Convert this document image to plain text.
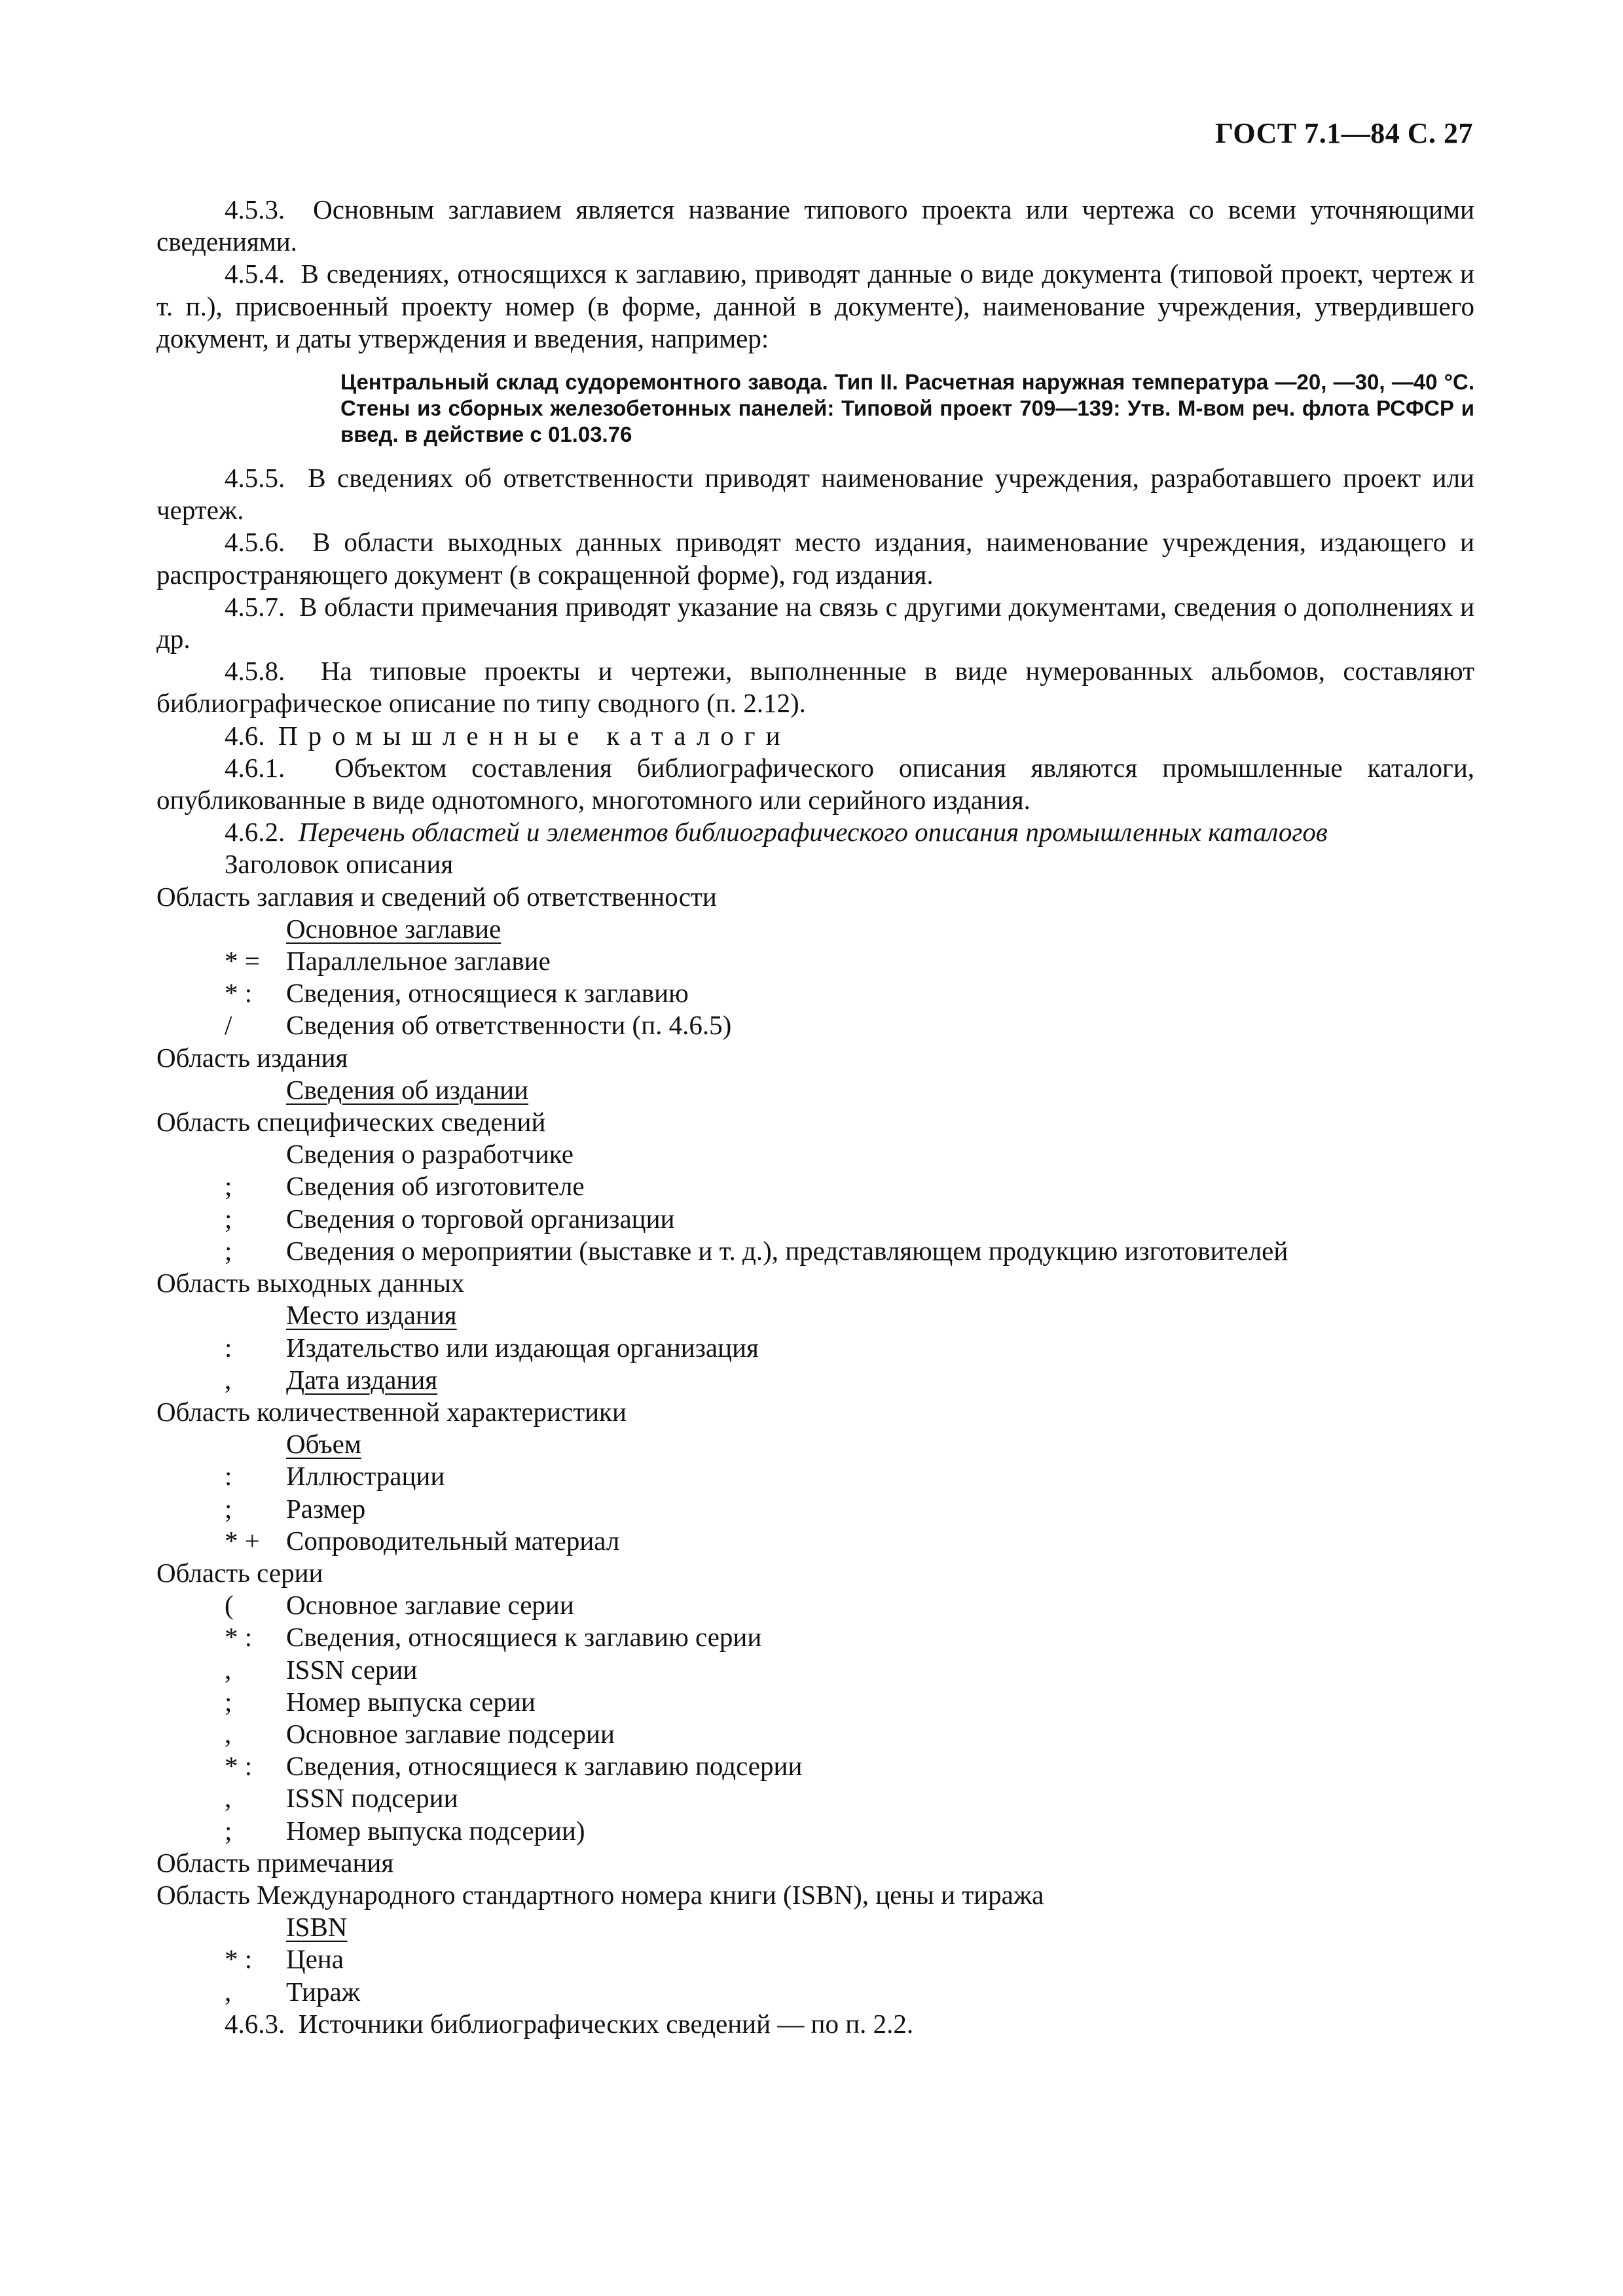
ГОСТ 7.1—84 С. 27

4.5.3. Основным заглавием является название типового проекта или чертежа со всеми уточняющими сведениями.

4.5.4. В сведениях, относящихся к заглавию, приводят данные о виде документа (типовой проект, чертеж и т. п.), присвоенный проекту номер (в форме, данной в документе), наименование учреждения, утвердившего документ, и даты утверждения и введения, например:

Центральный склад судоремонтного завода. Тип II. Расчетная наружная температура —20, —30, —40 °С. Стены из сборных железобетонных панелей: Типовой проект 709—139: Утв. М-вом реч. флота РСФСР и введ. в действие с 01.03.76

4.5.5. В сведениях об ответственности приводят наименование учреждения, разработавшего проект или чертеж.

4.5.6. В области выходных данных приводят место издания, наименование учреждения, издающего и распространяющего документ (в сокращенной форме), год издания.

4.5.7. В области примечания приводят указание на связь с другими документами, сведения о дополнениях и др.

4.5.8. На типовые проекты и чертежи, выполненные в виде нумерованных альбомов, составляют библиографическое описание по типу сводного (п. 2.12).

4.6. Промышленные каталоги

4.6.1. Объектом составления библиографического описания являются промышленные каталоги, опубликованные в виде однотомного, многотомного или серийного издания.

4.6.2. Перечень областей и элементов библиографического описания промышленных каталогов

Заголовок описания
Область заглавия и сведений об ответственности
Основное заглавие
* = Параллельное заглавие
* :	Сведения, относящиеся к заглавию
/	Сведения об ответственности (п. 4.6.5)
Область издания
Сведения об издании
Область специфических сведений
Сведения о разработчике
;	Сведения об изготовителе
;	Сведения о торговой организации
;	Сведения о мероприятии (выставке и т. д.), представляющем продукцию изготовителей
Область выходных данных
Место издания
:	Издательство или издающая организация
,	Дата издания
Область количественной характеристики
Объем
:	Иллюстрации
;	Размер
* + Сопроводительный материал
Область серии
(	Основное заглавие серии
* :	Сведения, относящиеся к заглавию серии
,	ISSN серии
;	Номер выпуска серии
,	Основное заглавие подсерии
* :	Сведения, относящиеся к заглавию подсерии
,	ISSN подсерии
;	Номер выпуска подсерии)
Область примечания
Область Международного стандартного номера книги (ISBN), цены и тиража
ISBN
* :	Цена
,	Тираж

4.6.3. Источники библиографических сведений — по п. 2.2.
